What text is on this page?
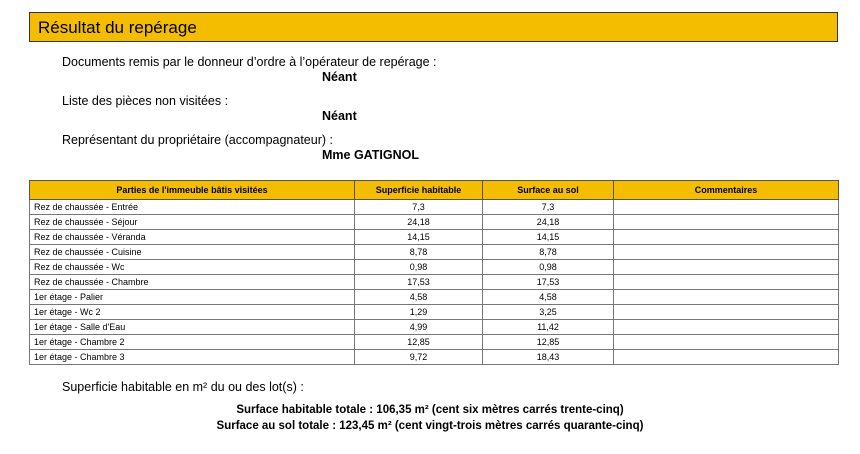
Résultat du repérage
Documents remis par le donneur d’ordre à l’opérateur de repérage :
Néant
Liste des pièces non visitées :
Néant
Représentant du propriétaire (accompagnateur) :
Mme GATIGNOL
Parties de l'immeuble bâtis visitées	Superficie habitable	Surface au sol	Commentaires
Rez de chaussée - Entrée	7,3	7,3	
Rez de chaussée - Séjour	24,18	24,18	
Rez de chaussée - Véranda	14,15	14,15	
Rez de chaussée - Cuisine	8,78	8,78	
Rez de chaussée - Wc	0,98	0,98	
Rez de chaussée - Chambre	17,53	17,53	
1er étage - Palier	4,58	4,58	
1er étage - Wc 2	1,29	3,25	
1er étage - Salle d'Eau	4,99	11,42	
1er étage - Chambre 2	12,85	12,85	
1er étage - Chambre 3	9,72	18,43	
Superficie habitable en m² du ou des lot(s) :
Surface habitable totale : 106,35 m² (cent six mètres carrés trente-cinq)
Surface au sol totale : 123,45 m² (cent vingt-trois mètres carrés quarante-cinq)
